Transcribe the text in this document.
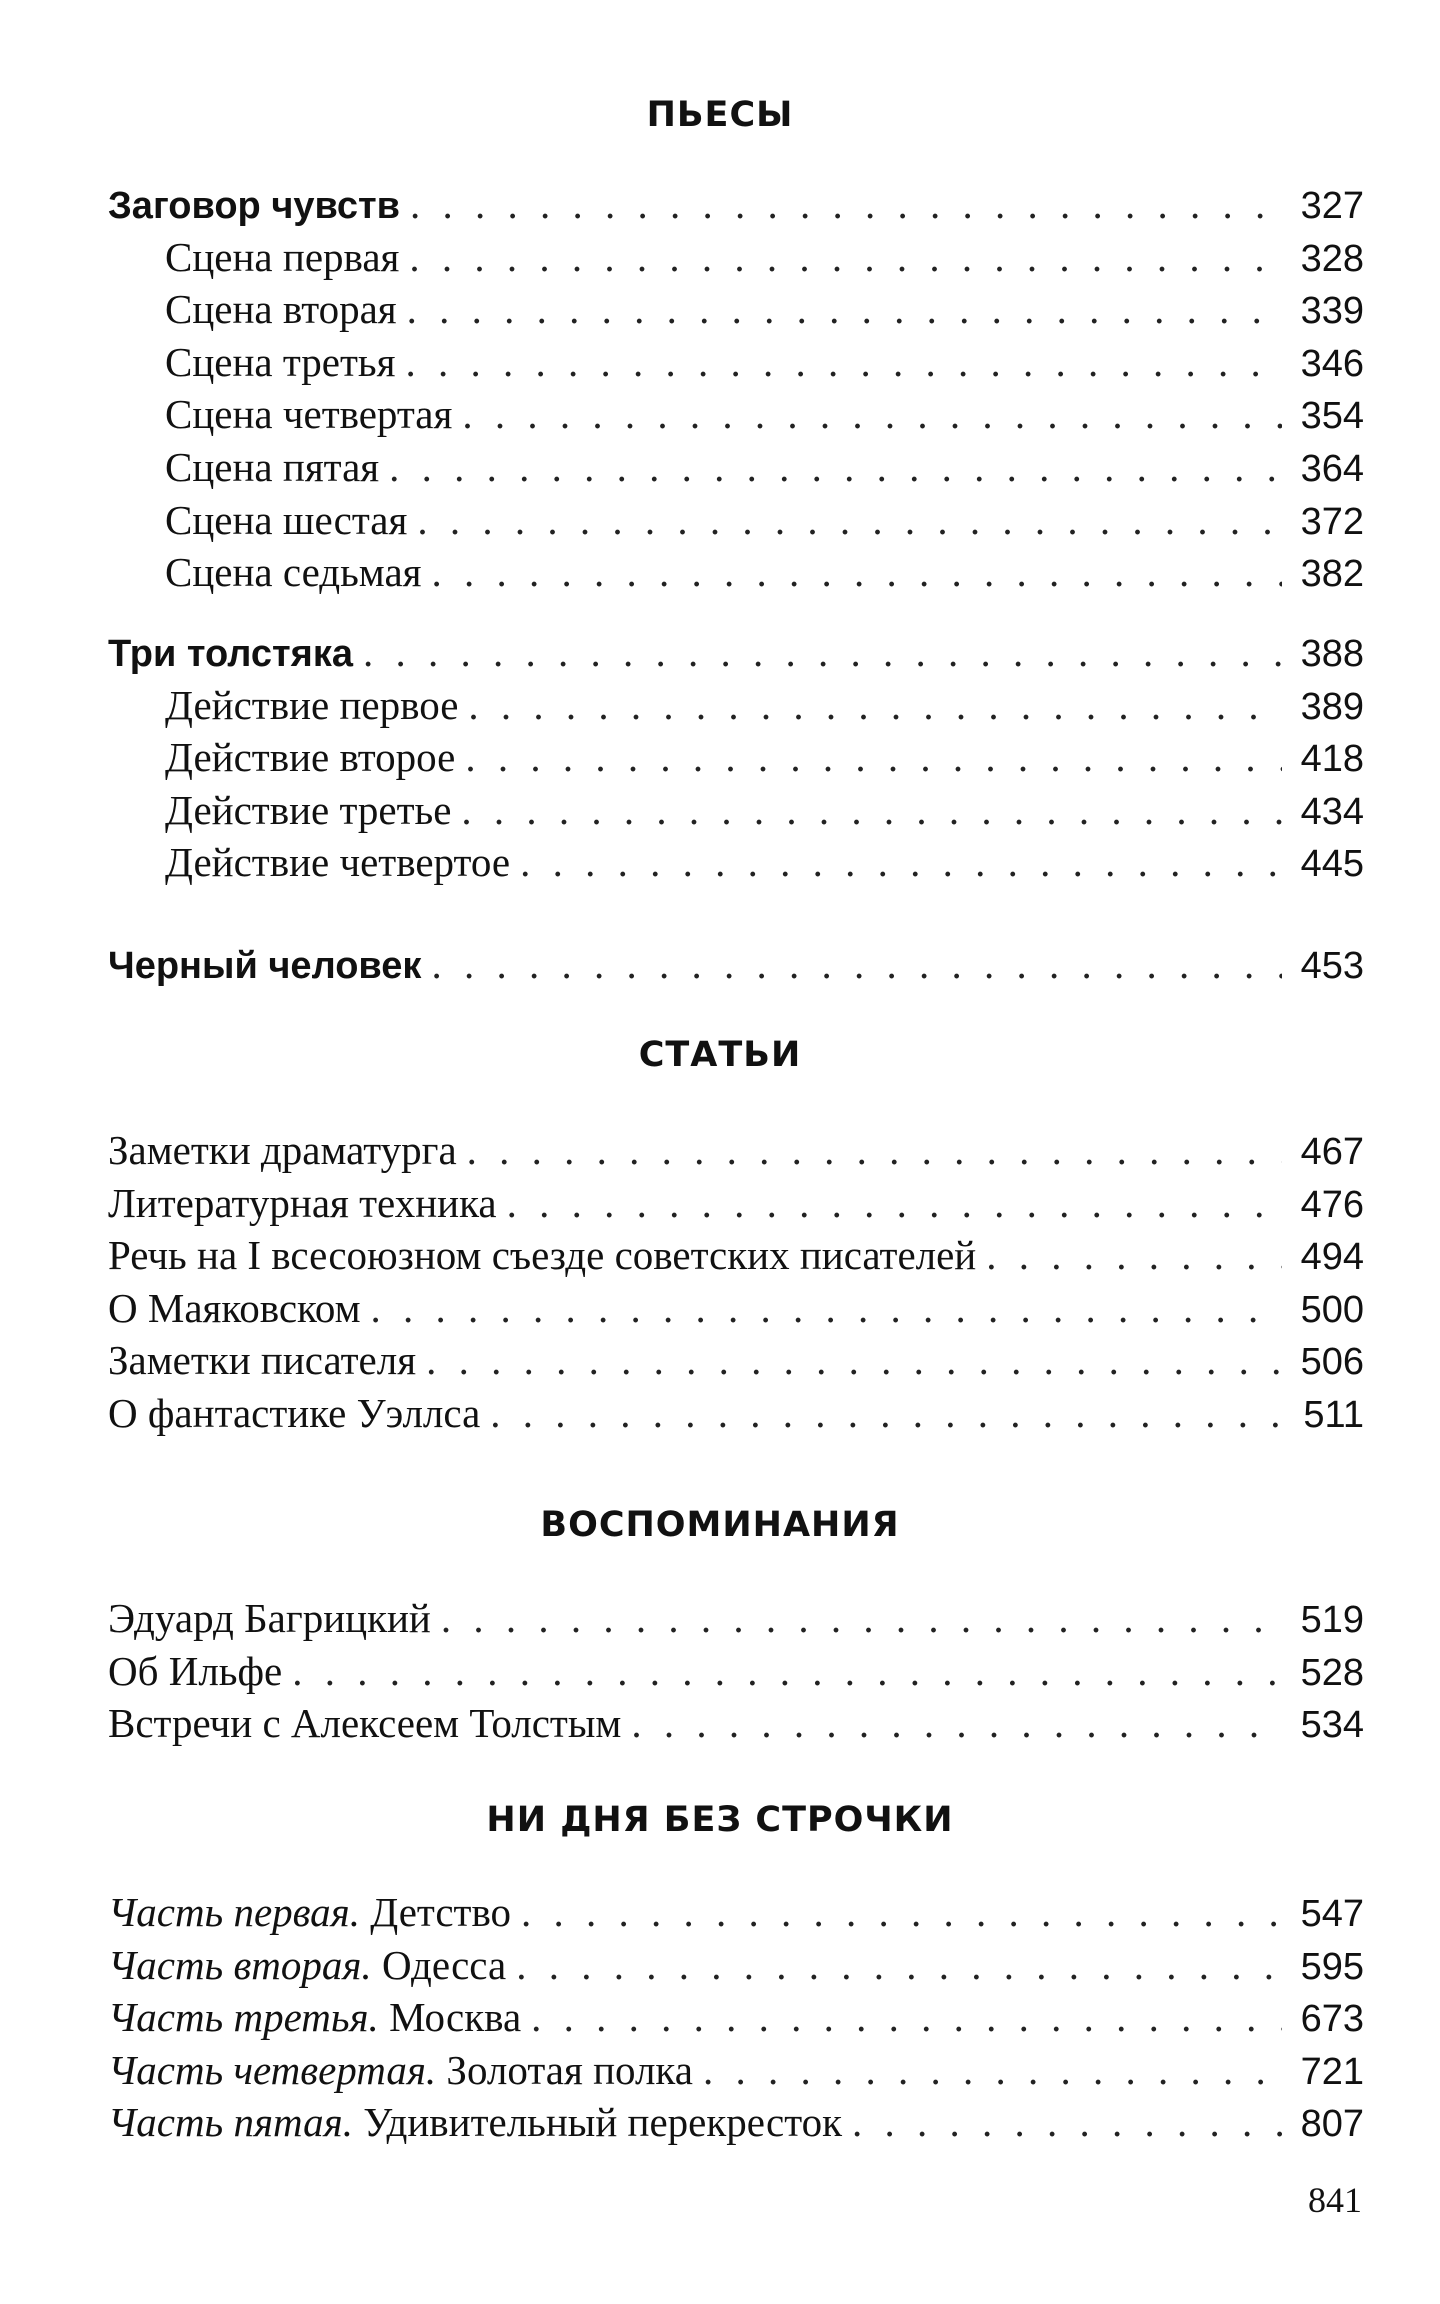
841
ПЬЕСЫ
Заговор чувств . . .	327
Сцена первая . . .	328
Сцена вторая . . .	339
Сцена третья . . .	346
Сцена четвертая . . .	354
Сцена пятая . . .	364
Сцена шестая . . .	372
Сцена седьмая . . .	382
Три толстяка . . .	388
Действие первое . . .	389
Действие второе . . .	418
Действие третье . . .	434
Действие четвертое . . .	445
Черный человек . . .	453
СТАТЬИ
Заметки драматурга . . .	467
Литературная техника . . .	476
Речь на I всесоюзном съезде советских писателей . . .	494
О Маяковском . . .	500
Заметки писателя . . .	506
О фантастике Уэллса . . .	511
ВОСПОМИНАНИЯ
Эдуард Багрицкий . . .	519
Об Ильфе . . .	528
Встречи с Алексеем Толстым . . .	534
НИ ДНЯ БЕЗ СТРОЧКИ
Часть первая. Детство . . .	547
Часть вторая. Одесса . . .	595
Часть третья. Москва . . .	673
Часть четвертая. Золотая полка . . .	721
Часть пятая. Удивительный перекресток . . .	807
